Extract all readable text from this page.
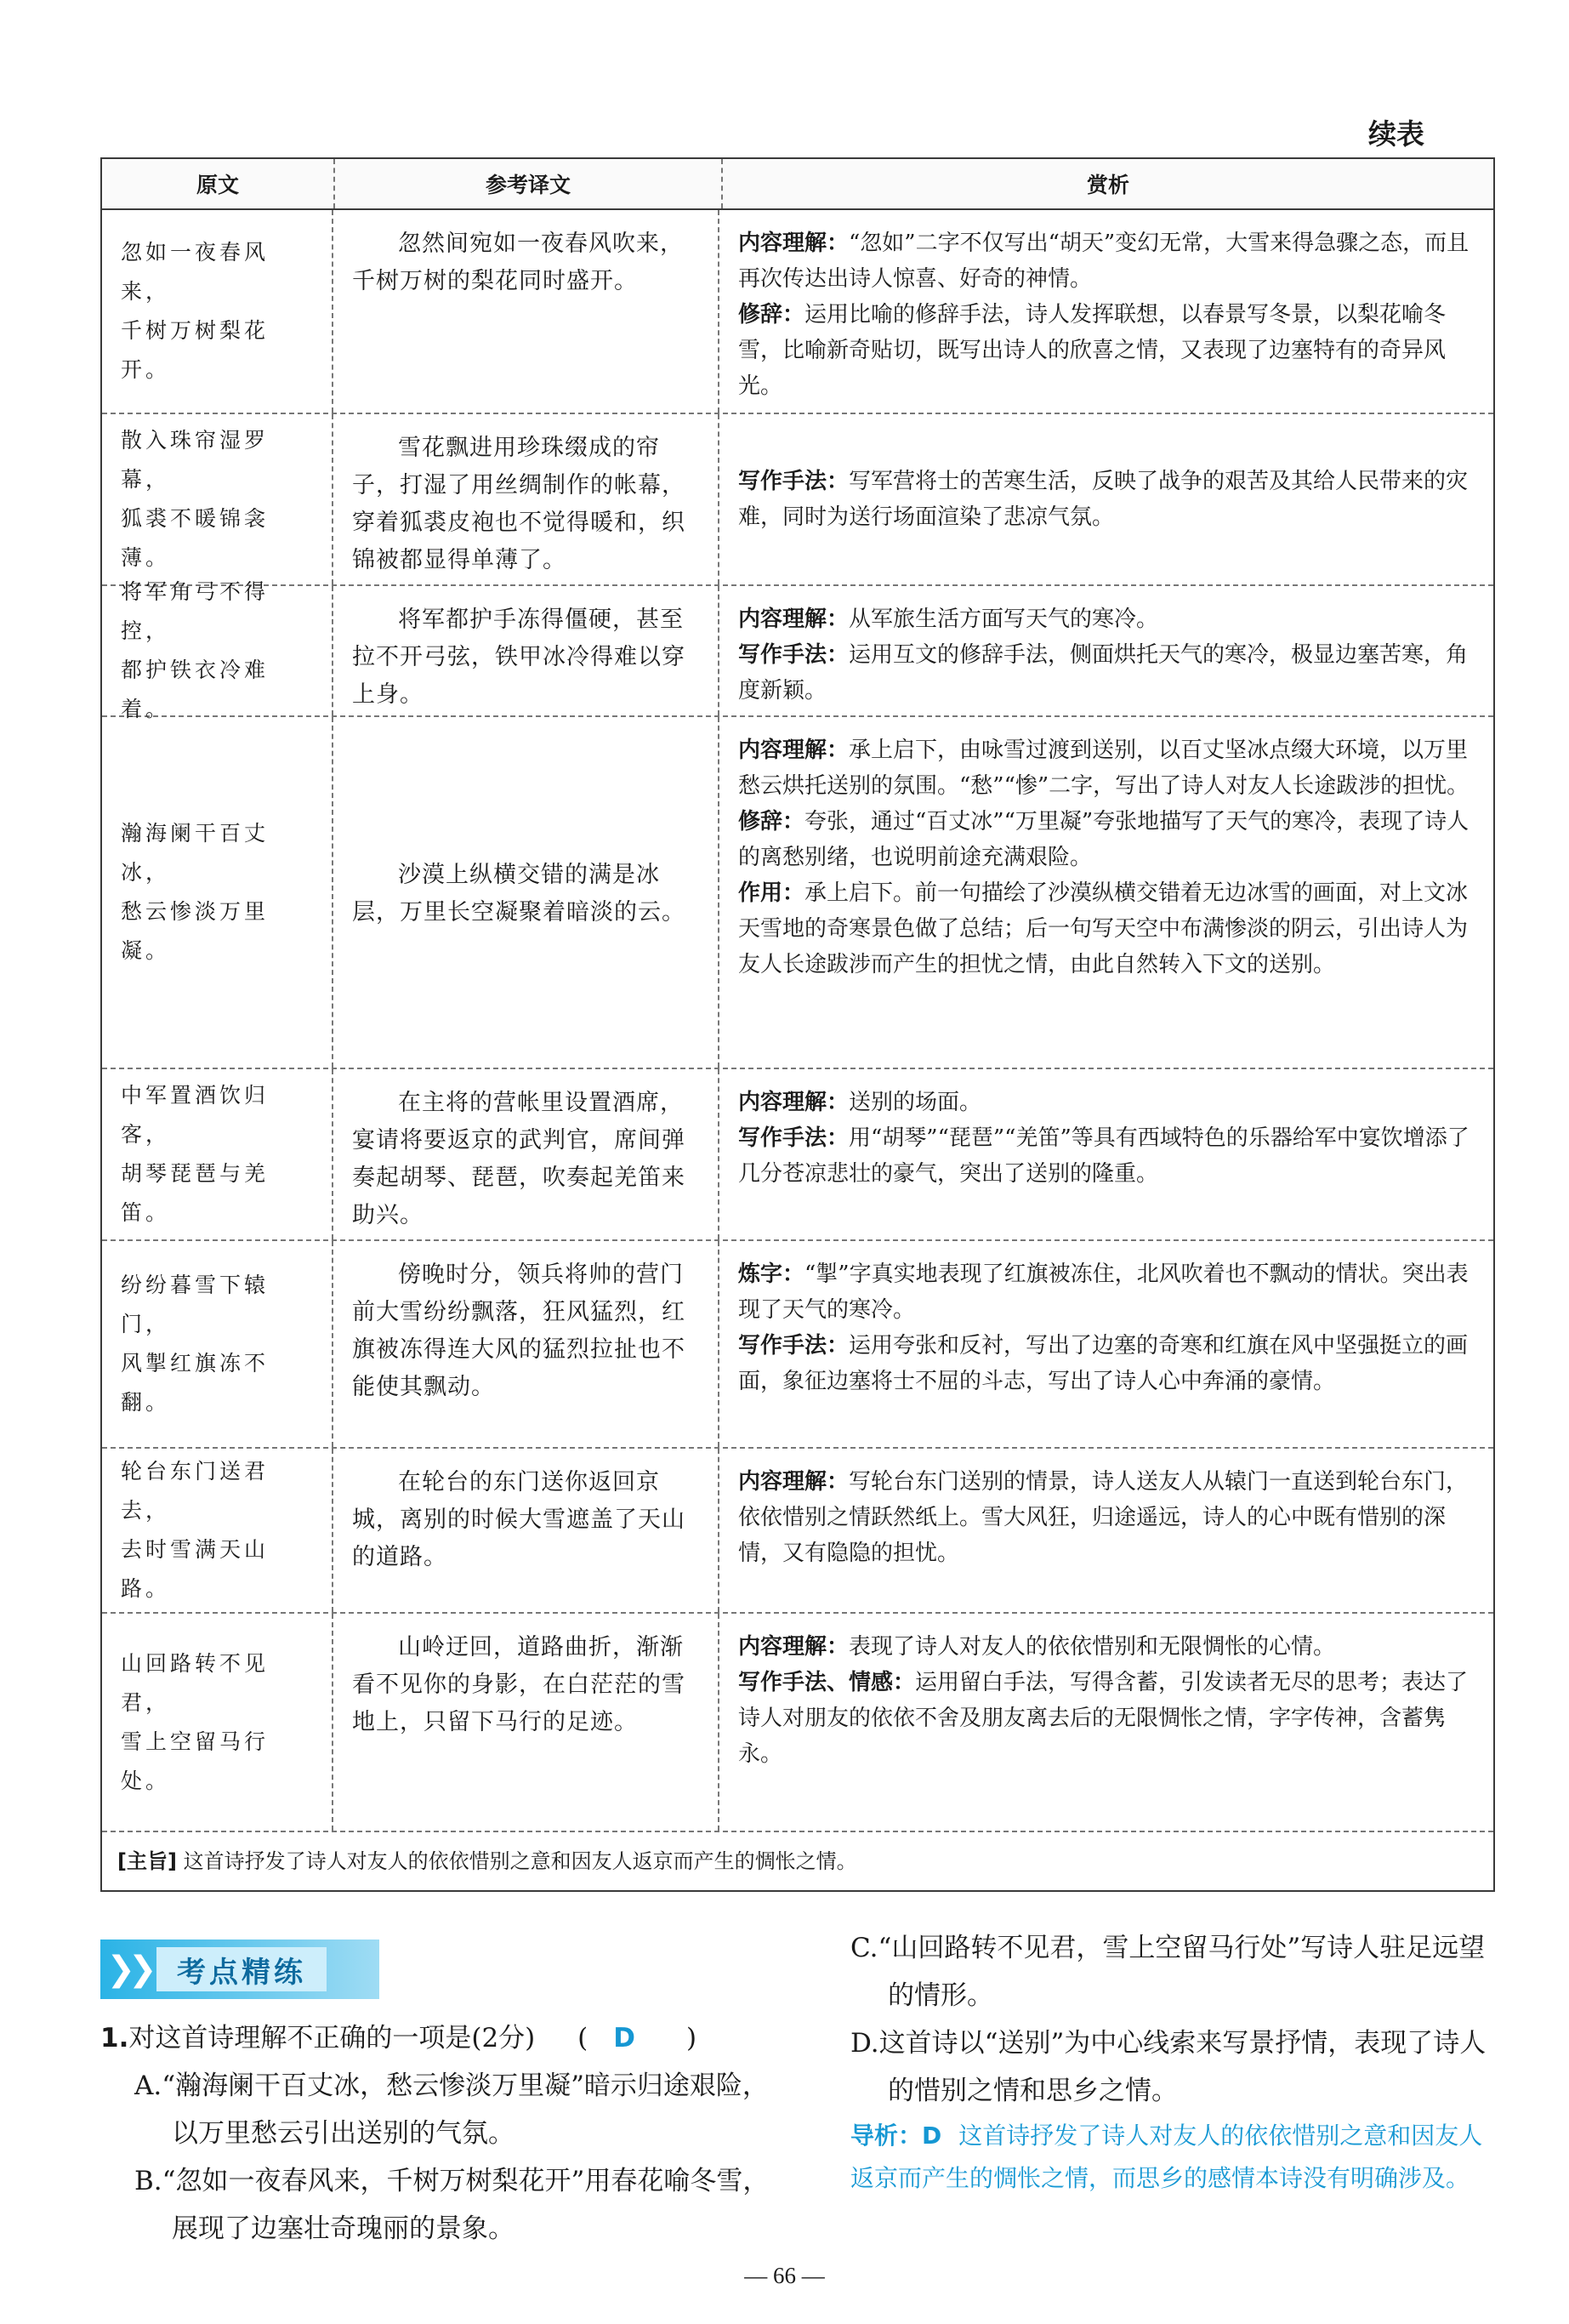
续表
原文	参考译文	赏析
忽如一夜春风来，
千树万树梨花开。
忽然间宛如一夜春风吹来，千树万树的梨花同时盛开。

内容理解：“忽如”二字不仅写出“胡天”变幻无常，大雪来得急骤之态，而且再次传达出诗人惊喜、好奇的神情。

修辞：运用比喻的修辞手法，诗人发挥联想，以春景写冬景，以梨花喻冬雪，比喻新奇贴切，既写出诗人的欣喜之情，又表现了边塞特有的奇异风光。

散入珠帘湿罗幕，
狐裘不暖锦衾薄。
雪花飘进用珍珠缀成的帘子，打湿了用丝绸制作的帐幕，穿着狐裘皮袍也不觉得暖和，织锦被都显得单薄了。

写作手法：写军营将士的苦寒生活，反映了战争的艰苦及其给人民带来的灾难，同时为送行场面渲染了悲凉气氛。

将军角弓不得控，
都护铁衣冷难着。
将军都护手冻得僵硬，甚至拉不开弓弦，铁甲冰冷得难以穿上身。

内容理解：从军旅生活方面写天气的寒冷。

写作手法：运用互文的修辞手法，侧面烘托天气的寒冷，极显边塞苦寒，角度新颖。

瀚海阑干百丈冰，
愁云惨淡万里凝。
沙漠上纵横交错的满是冰层，万里长空凝聚着暗淡的云。

内容理解：承上启下，由咏雪过渡到送别，以百丈坚冰点缀大环境，以万里愁云烘托送别的氛围。“愁”“惨”二字，写出了诗人对友人长途跋涉的担忧。

修辞：夸张，通过“百丈冰”“万里凝”夸张地描写了天气的寒冷，表现了诗人的离愁别绪，也说明前途充满艰险。

作用：承上启下。前一句描绘了沙漠纵横交错着无边冰雪的画面，对上文冰天雪地的奇寒景色做了总结；后一句写天空中布满惨淡的阴云，引出诗人为友人长途跋涉而产生的担忧之情，由此自然转入下文的送别。

中军置酒饮归客，
胡琴琵琶与羌笛。
在主将的营帐里设置酒席，宴请将要返京的武判官，席间弹奏起胡琴、琵琶，吹奏起羌笛来助兴。

内容理解：送别的场面。

写作手法：用“胡琴”“琵琶”“羌笛”等具有西域特色的乐器给军中宴饮增添了几分苍凉悲壮的豪气，突出了送别的隆重。

纷纷暮雪下辕门，
风掣红旗冻不翻。
傍晚时分，领兵将帅的营门前大雪纷纷飘落，狂风猛烈，红旗被冻得连大风的猛烈拉扯也不能使其飘动。

炼字：“掣”字真实地表现了红旗被冻住，北风吹着也不飘动的情状。突出表现了天气的寒冷。

写作手法：运用夸张和反衬，写出了边塞的奇寒和红旗在风中坚强挺立的画面，象征边塞将士不屈的斗志，写出了诗人心中奔涌的豪情。

轮台东门送君去，
去时雪满天山路。
在轮台的东门送你返回京城，离别的时候大雪遮盖了天山的道路。

内容理解：写轮台东门送别的情景，诗人送友人从辕门一直送到轮台东门，依依惜别之情跃然纸上。雪大风狂，归途遥远，诗人的心中既有惜别的深情，又有隐隐的担忧。

山回路转不见君，
雪上空留马行处。
山岭迂回，道路曲折，渐渐看不见你的身影，在白茫茫的雪地上，只留下马行的足迹。

内容理解：表现了诗人对友人的依依惜别和无限惆怅的心情。

写作手法、情感：运用留白手法，写得含蓄，引发读者无尽的思考；表达了诗人对朋友的依依不舍及朋友离去后的无限惆怅之情，字字传神，含蓄隽永。

[主旨] 这首诗抒发了诗人对友人的依依惜别之意和因友人返京而产生的惆怅之情。
❯❯ 考点精练

1.对这首诗理解不正确的一项是(2分) ( D )

A.“瀚海阑干百丈冰，愁云惨淡万里凝”暗示归途艰险，以万里愁云引出送别的气氛。

B.“忽如一夜春风来，千树万树梨花开”用春花喻冬雪，展现了边塞壮奇瑰丽的景象。

C.“山回路转不见君，雪上空留马行处”写诗人驻足远望的情形。

D.这首诗以“送别”为中心线索来写景抒情，表现了诗人的惜别之情和思乡之情。

导析：D 这首诗抒发了诗人对友人的依依惜别之意和因友人返京而产生的惆怅之情，而思乡的感情本诗没有明确涉及。

— 66 —
